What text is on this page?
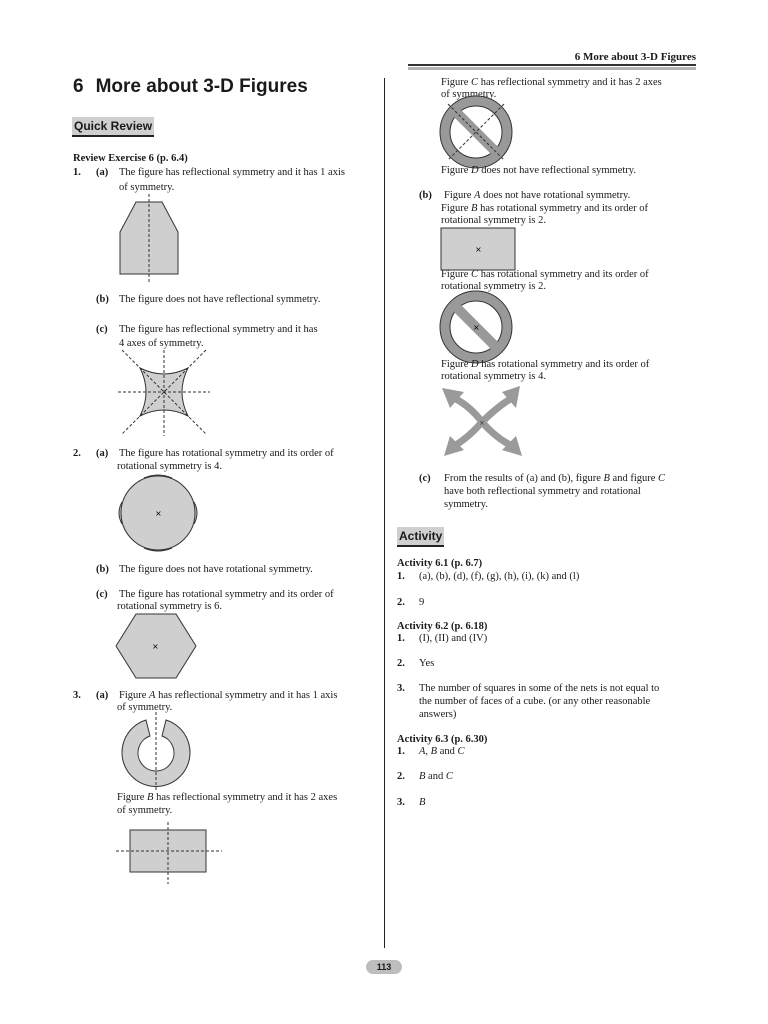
6 More about 3-D Figures
6 More about 3-D Figures
Quick Review
Review Exercise 6 (p. 6.4)
1. (a) The figure has reflectional symmetry and it has 1 axis
of symmetry.
(b) The figure does not have reflectional symmetry.
(c) The figure has reflectional symmetry and it has
4 axes of symmetry.
2. (a) The figure has rotational symmetry and its order of
rotational symmetry is 4.
×
(b) The figure does not have rotational symmetry.
(c) The figure has rotational symmetry and its order of
rotational symmetry is 6.
×
3. (a) Figure A has reflectional symmetry and it has 1 axis
of symmetry.
Figure B has reflectional symmetry and it has 2 axes
of symmetry.
Figure C has reflectional symmetry and it has 2 axes
of symmetry.
Figure D does not have reflectional symmetry.
(b) Figure A does not have rotational symmetry.
Figure B has rotational symmetry and its order of
rotational symmetry is 2.
×
Figure C has rotational symmetry and its order of
rotational symmetry is 2.
×
Figure D has rotational symmetry and its order of
rotational symmetry is 4.
×
(c) From the results of (a) and (b), figure B and figure C
have both reflectional symmetry and rotational
symmetry.
Activity
Activity 6.1 (p. 6.7)
1. (a), (b), (d), (f), (g), (h), (i), (k) and (l)
2. 9
Activity 6.2 (p. 6.18)
1. (I), (II) and (IV)
2. Yes
3. The number of squares in some of the nets is not equal to
the number of faces of a cube. (or any other reasonable
answers)
Activity 6.3 (p. 6.30)
1. A, B and C
2. B and C
3. B
113
